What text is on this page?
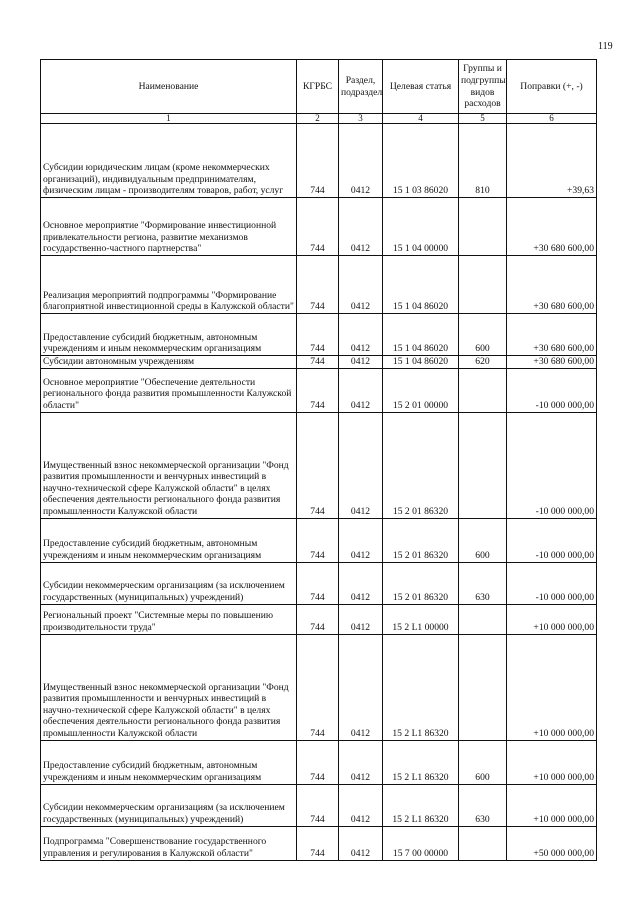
119
Наименование	КГРБС	Раздел, подраздел	Целевая статья	Группы и подгруппы видов расходов	Поправки (+, -)
1	2	3	4	5	6
Субсидии юридическим лицам (кроме некоммерческих организаций), индивидуальным предпринимателям, физическим лицам - производителям товаров, работ, услуг	744	0412	15 1 03 86020	810	+39,63
Основное мероприятие "Формирование инвестиционной привлекательности региона, развитие механизмов государственно-частного партнерства"	744	0412	15 1 04 00000		+30 680 600,00
Реализация мероприятий подпрограммы "Формирование благоприятной инвестиционной среды в Калужской области"	744	0412	15 1 04 86020		+30 680 600,00
Предоставление субсидий бюджетным, автономным учреждениям и иным некоммерческим организациям	744	0412	15 1 04 86020	600	+30 680 600,00
Субсидии автономным учреждениям	744	0412	15 1 04 86020	620	+30 680 600,00
Основное мероприятие "Обеспечение деятельности регионального фонда развития промышленности Калужской области"	744	0412	15 2 01 00000		-10 000 000,00
Имущественный взнос некоммерческой организации "Фонд развития промышленности и венчурных инвестиций в научно-технической сфере Калужской области" в целях обеспечения деятельности регионального фонда развития промышленности Калужской области	744	0412	15 2 01 86320		-10 000 000,00
Предоставление субсидий бюджетным, автономным учреждениям и иным некоммерческим организациям	744	0412	15 2 01 86320	600	-10 000 000,00
Субсидии некоммерческим организациям (за исключением государственных (муниципальных) учреждений)	744	0412	15 2 01 86320	630	-10 000 000,00
Региональный проект "Системные меры по повышению производительности труда"	744	0412	15 2 L1 00000		+10 000 000,00
Имущественный взнос некоммерческой организации "Фонд развития промышленности и венчурных инвестиций в научно-технической сфере Калужской области" в целях обеспечения деятельности регионального фонда развития промышленности Калужской области	744	0412	15 2 L1 86320		+10 000 000,00
Предоставление субсидий бюджетным, автономным учреждениям и иным некоммерческим организациям	744	0412	15 2 L1 86320	600	+10 000 000,00
Субсидии некоммерческим организациям (за исключением государственных (муниципальных) учреждений)	744	0412	15 2 L1 86320	630	+10 000 000,00
Подпрограмма "Совершенствование государственного управления и регулирования в Калужской области"	744	0412	15 7 00 00000		+50 000 000,00
